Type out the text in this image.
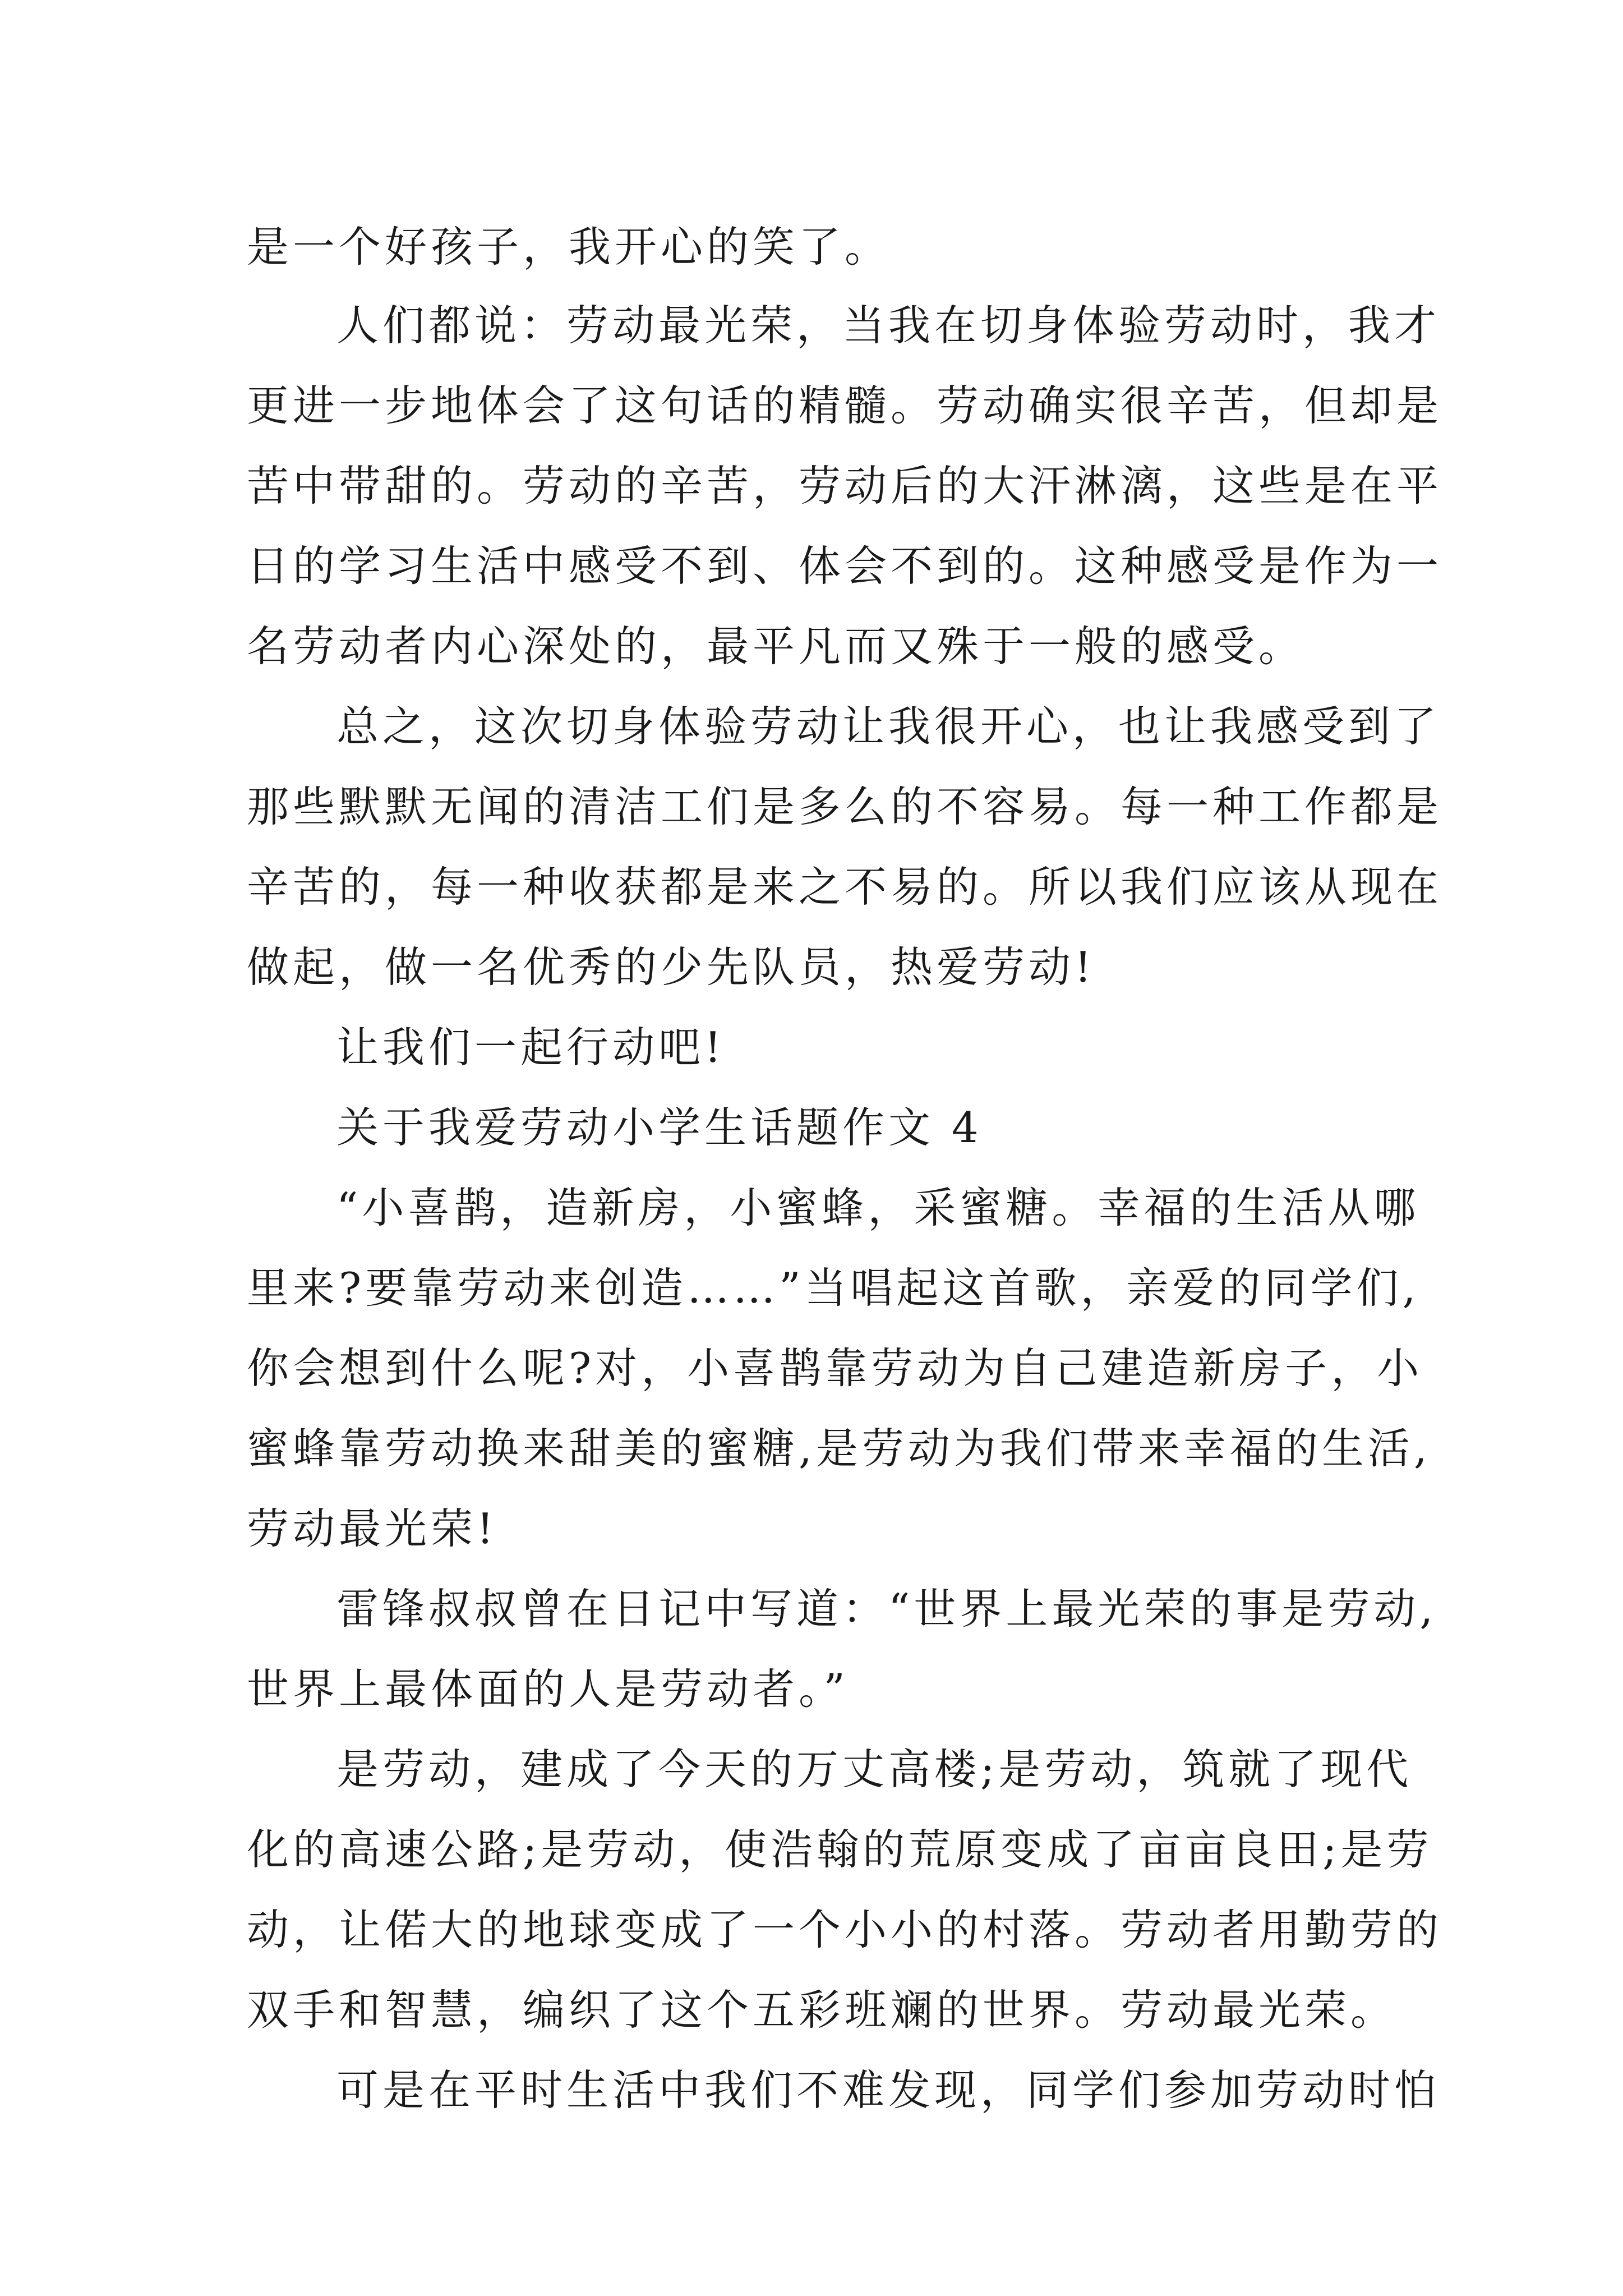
是一个好孩子，我开心的笑了。
人们都说：劳动最光荣，当我在切身体验劳动时，我才
更进一步地体会了这句话的精髓。劳动确实很辛苦，但却是
苦中带甜的。劳动的辛苦，劳动后的大汗淋漓，这些是在平
日的学习生活中感受不到、体会不到的。这种感受是作为一
名劳动者内心深处的，最平凡而又殊于一般的感受。
总之，这次切身体验劳动让我很开心，也让我感受到了
那些默默无闻的清洁工们是多么的不容易。每一种工作都是
辛苦的，每一种收获都是来之不易的。所以我们应该从现在
做起，做一名优秀的少先队员，热爱劳动!
让我们一起行动吧!
关于我爱劳动小学生话题作文 4
“小喜鹊，造新房，小蜜蜂，采蜜糖。幸福的生活从哪
里来?要靠劳动来创造……”当唱起这首歌，亲爱的同学们,
你会想到什么呢?对，小喜鹊靠劳动为自己建造新房子，小
蜜蜂靠劳动换来甜美的蜜糖,是劳动为我们带来幸福的生活,
劳动最光荣!
雷锋叔叔曾在日记中写道：“世界上最光荣的事是劳动,
世界上最体面的人是劳动者。”
是劳动，建成了今天的万丈高楼;是劳动，筑就了现代
化的高速公路;是劳动，使浩翰的荒原变成了亩亩良田;是劳
动，让偌大的地球变成了一个小小的村落。劳动者用勤劳的
双手和智慧，编织了这个五彩班斓的世界。劳动最光荣。
可是在平时生活中我们不难发现，同学们参加劳动时怕
